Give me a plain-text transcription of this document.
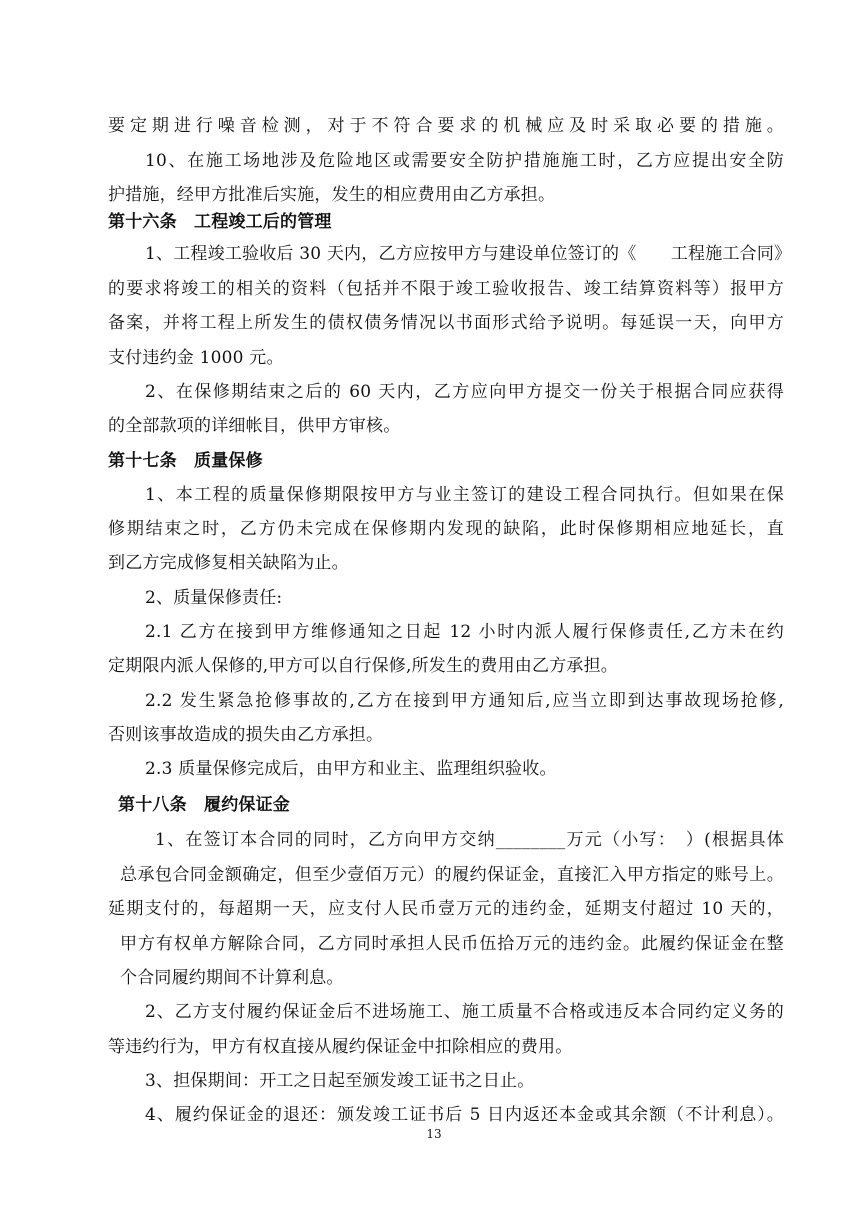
要定期进行噪音检测，对于不符合要求的机械应及时采取必要的措施。
10、在施工场地涉及危险地区或需要安全防护措施施工时，乙方应提出安全防
护措施，经甲方批准后实施，发生的相应费用由乙方承担。
第十六条　工程竣工后的管理
1、工程竣工验收后 30 天内，乙方应按甲方与建设单位签订的《　　工程施工合同》
的要求将竣工的相关的资料（包括并不限于竣工验收报告、竣工结算资料等）报甲方
备案，并将工程上所发生的债权债务情况以书面形式给予说明。每延误一天，向甲方
支付违约金 1000 元。
2、在保修期结束之后的 60 天内，乙方应向甲方提交一份关于根据合同应获得
的全部款项的详细帐目，供甲方审核。
第十七条　质量保修
1、本工程的质量保修期限按甲方与业主签订的建设工程合同执行。但如果在保
修期结束之时，乙方仍未完成在保修期内发现的缺陷，此时保修期相应地延长，直
到乙方完成修复相关缺陷为止。
2、质量保修责任:
2.1 乙方在接到甲方维修通知之日起 12 小时内派人履行保修责任,乙方未在约
定期限内派人保修的,甲方可以自行保修,所发生的费用由乙方承担。
2.2 发生紧急抢修事故的,乙方在接到甲方通知后,应当立即到达事故现场抢修,
否则该事故造成的损失由乙方承担。
2.3 质量保修完成后，由甲方和业主、监理组织验收。
第十八条　履约保证金
1、在签订本合同的同时，乙方向甲方交纳________万元（小写：　）(根据具体
总承包合同金额确定，但至少壹佰万元）的履约保证金，直接汇入甲方指定的账号上。
延期支付的，每超期一天，应支付人民币壹万元的违约金，延期支付超过 10 天的，
甲方有权单方解除合同，乙方同时承担人民币伍拾万元的违约金。此履约保证金在整
个合同履约期间不计算利息。
2、乙方支付履约保证金后不进场施工、施工质量不合格或违反本合同约定义务的
等违约行为，甲方有权直接从履约保证金中扣除相应的费用。
3、担保期间：开工之日起至颁发竣工证书之日止。
4、履约保证金的退还：颁发竣工证书后 5 日内返还本金或其余额（不计利息）。
13
